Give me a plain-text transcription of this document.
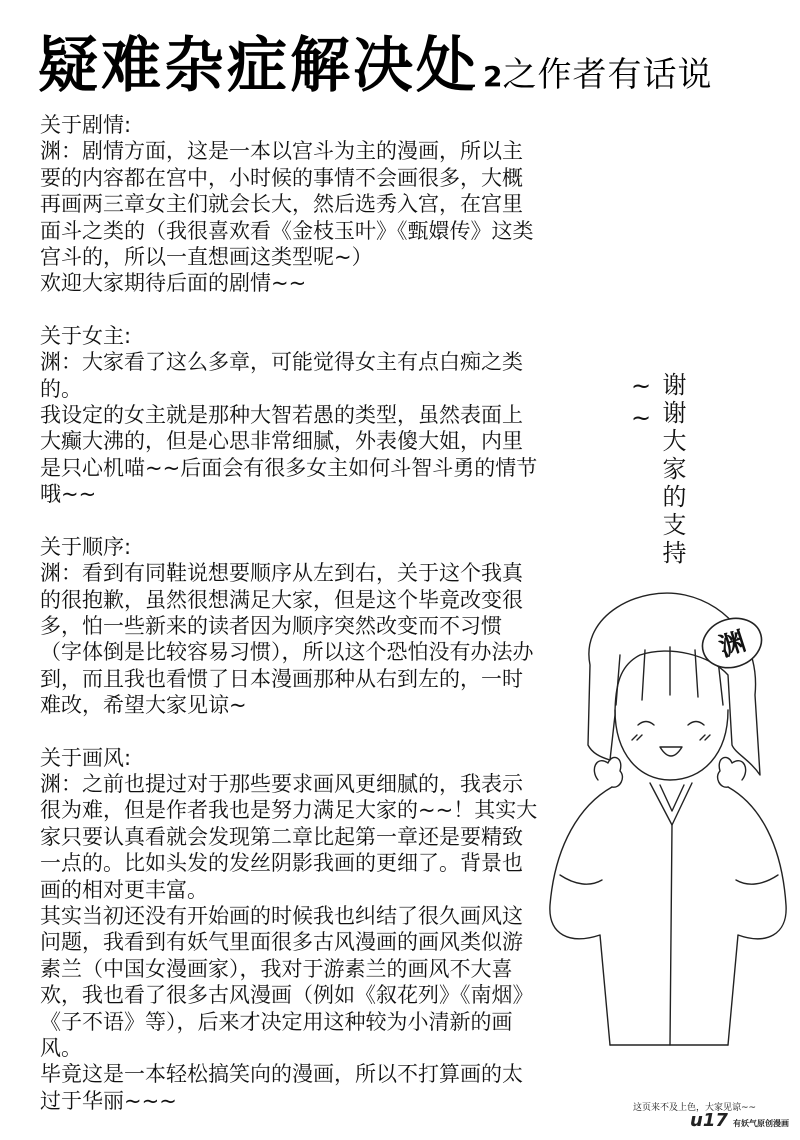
疑难杂症解决处 2之作者有话说

关于剧情:

渊：剧情方面，这是一本以宫斗为主的漫画，所以主要的内容都在宫中，小时候的事情不会画很多，大概再画两三章女主们就会长大，然后选秀入宫，在宫里面斗之类的（我很喜欢看《金枝玉叶》《甄嬛传》这类宫斗的，所以一直想画这类型呢~）

欢迎大家期待后面的剧情~~

关于女主:

渊：大家看了这么多章，可能觉得女主有点白痴之类的。

我设定的女主就是那种大智若愚的类型，虽然表面上大癫大沸的，但是心思非常细腻，外表傻大姐，内里是只心机喵~~后面会有很多女主如何斗智斗勇的情节哦~~

关于顺序:

渊：看到有同鞋说想要顺序从左到右，关于这个我真的很抱歉，虽然很想满足大家，但是这个毕竟改变很多，怕一些新来的读者因为顺序突然改变而不习惯（字体倒是比较容易习惯），所以这个恐怕没有办法办到，而且我也看惯了日本漫画那种从右到左的，一时难改，希望大家见谅~

关于画风:

渊：之前也提过对于那些要求画风更细腻的，我表示很为难，但是作者我也是努力满足大家的~~！其实大家只要认真看就会发现第二章比起第一章还是要精致一点的。比如头发的发丝阴影我画的更细了。背景也画的相对更丰富。

其实当初还没有开始画的时候我也纠结了很久画风这问题，我看到有妖气里面很多古风漫画的画风类似游素兰（中国女漫画家），我对于游素兰的画风不大喜欢，我也看了很多古风漫画（例如《叙花列》《南烟》《子不语》等），后来才决定用这种较为小清新的画风。

毕竟这是一本轻松搞笑向的漫画，所以不打算画的太过于华丽~~~

谢谢大家的支持~~
渊
这页来不及上色，大家见谅~~
u17 有妖气原创漫画
